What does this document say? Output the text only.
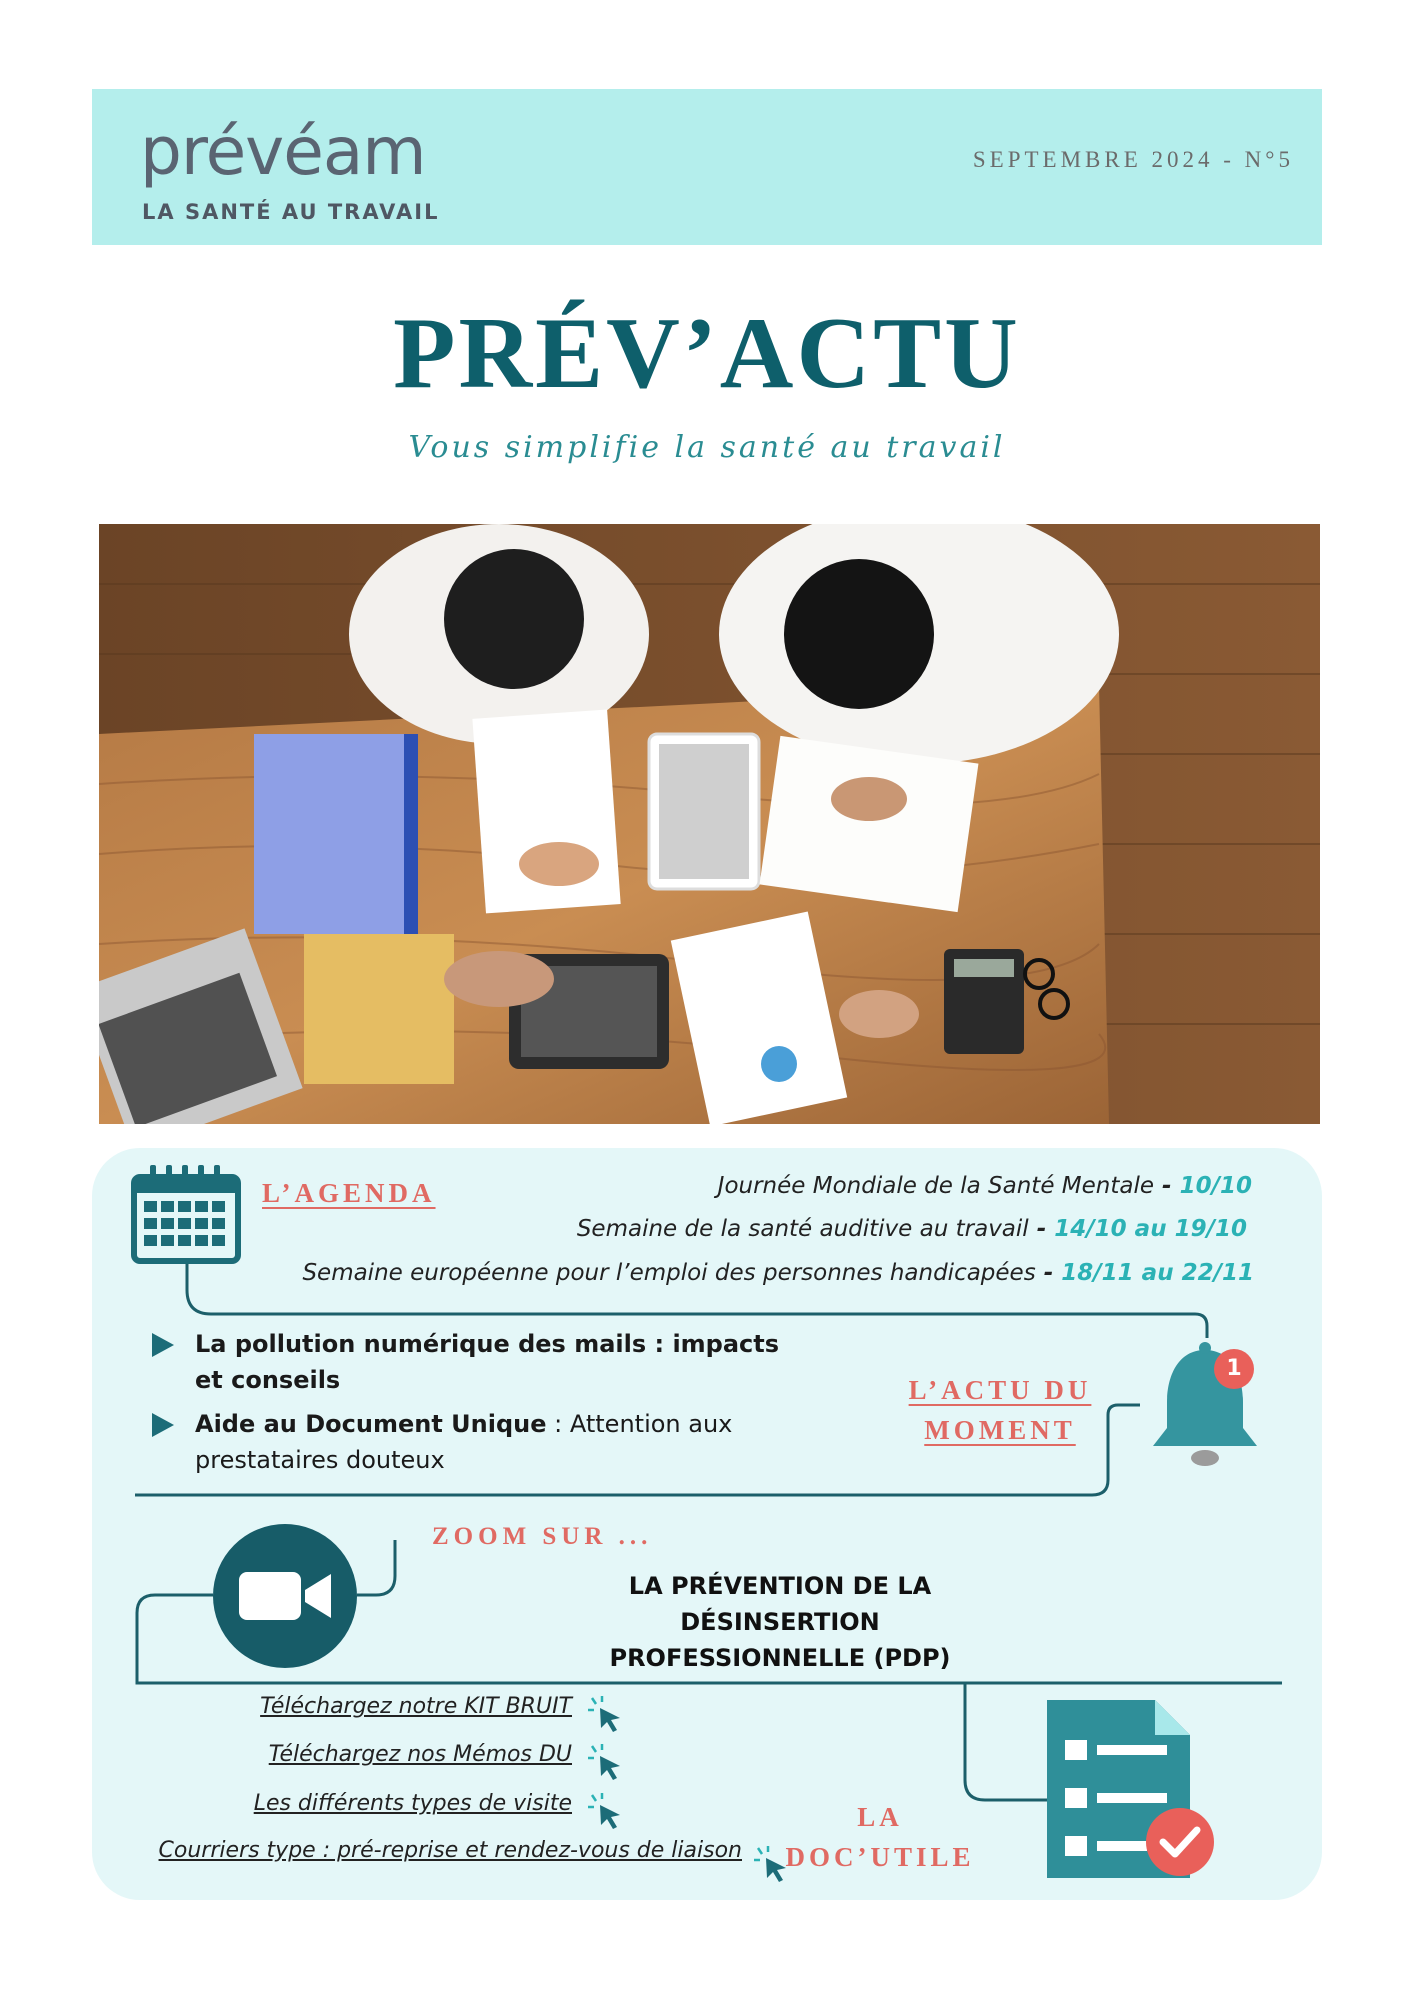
prévéam
LA SANTÉ AU TRAVAIL
SEPTEMBRE 2024 - N°5
PRÉV’ACTU
Vous simplifie la santé au travail
L’AGENDA	Journée Mondiale de la Santé Mentale - 10/10
Semaine de la santé auditive au travail - 14/10 au 19/10
Semaine européenne pour l’emploi des personnes handicapées - 18/11 au 22/11
La pollution numérique des mails : impacts et conseils
Aide au Document Unique : Attention aux prestataires douteux
L’ACTU DU
MOMENT
1
ZOOM SUR ...
LA PRÉVENTION DE LA DÉSINSERTION
PROFESSIONNELLE (PDP)
Téléchargez notre KIT BRUIT
Téléchargez nos Mémos DU
Les différents types de visite
Courriers type : pré-reprise et rendez-vous de liaison
LA
DOC’UTILE
